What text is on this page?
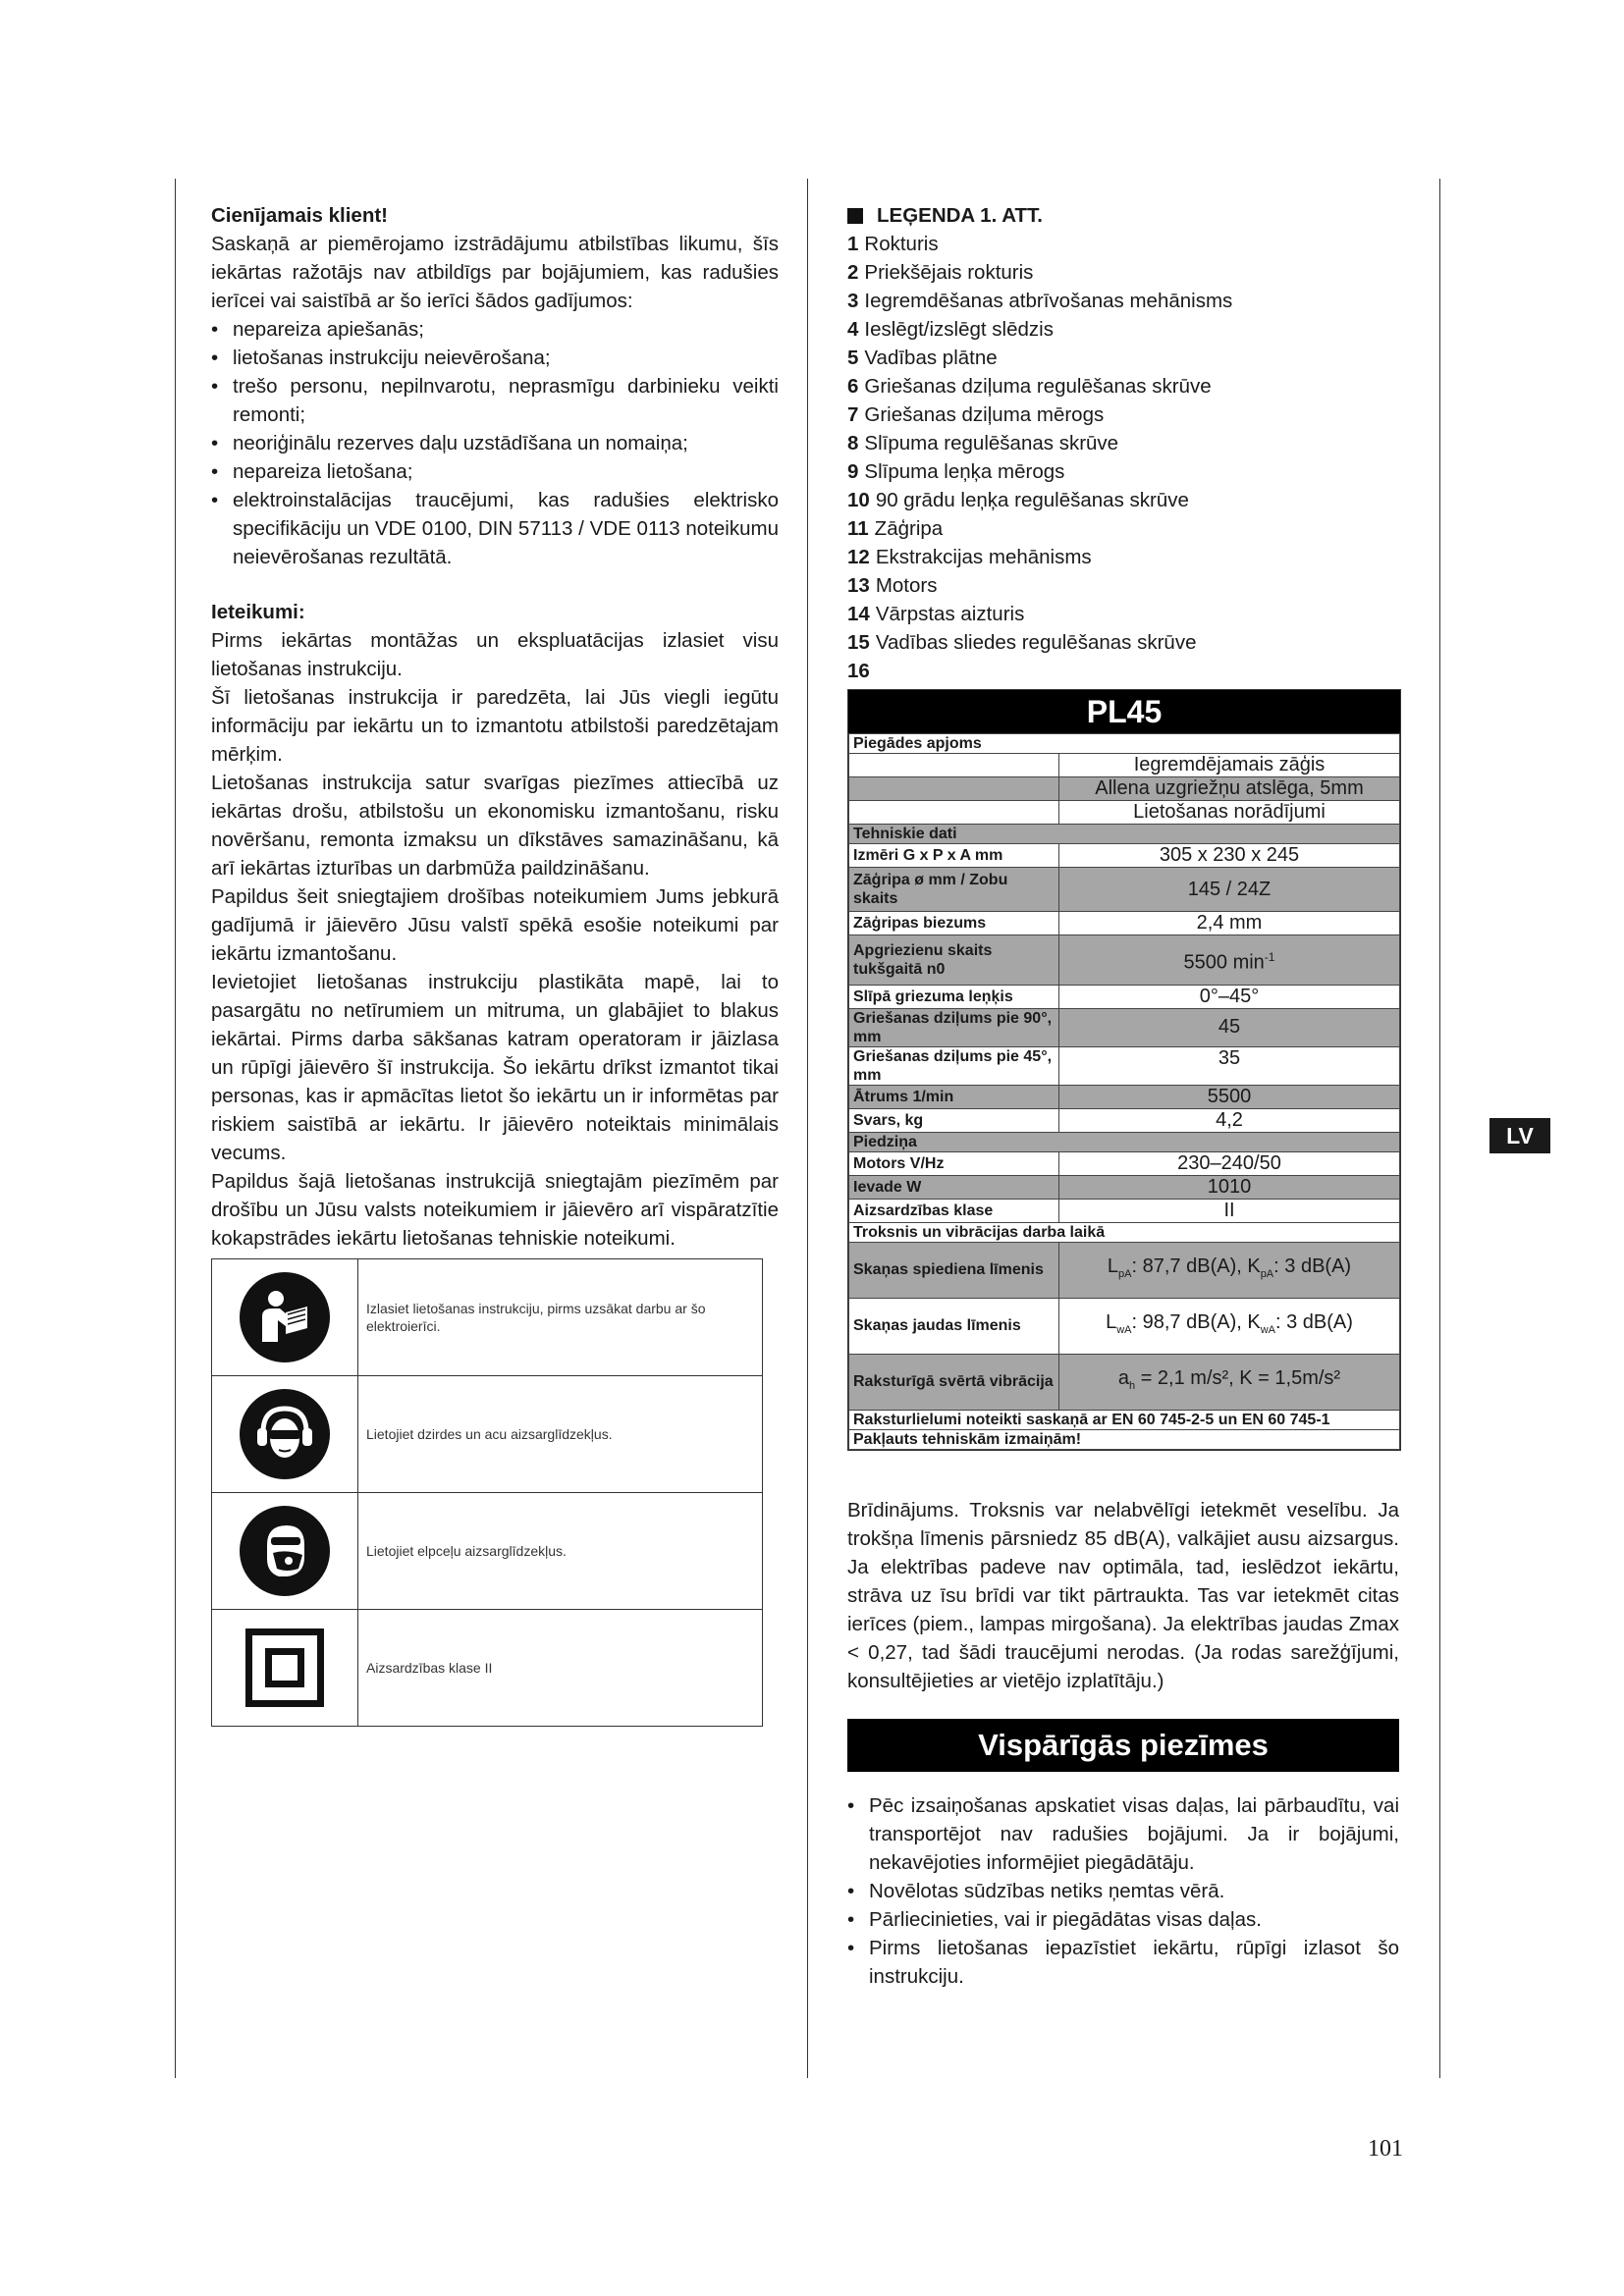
Cienījamais klient!

Saskaņā ar piemērojamo izstrādājumu atbilstības likumu, šīs iekārtas ražotājs nav atbildīgs par bojājumiem, kas radušies ierīcei vai saistībā ar šo ierīci šādos gadījumos:

• nepareiza apiešanās;
• lietošanas instrukciju neievērošana;
• trešo personu, nepilnvarotu, neprasmīgu darbinieku veikti remonti;
• neoriģinālu rezerves daļu uzstādīšana un nomaiņa;
• nepareiza lietošana;
• elektroinstalācijas traucējumi, kas radušies elektrisko specifikāciju un VDE 0100, DIN 57113 / VDE 0113 noteikumu neievērošanas rezultātā.

Ieteikumi:

Pirms iekārtas montāžas un ekspluatācijas izlasiet visu lietošanas instrukciju.

Šī lietošanas instrukcija ir paredzēta, lai Jūs viegli iegūtu informāciju par iekārtu un to izmantotu atbilstoši paredzētajam mērķim.

Lietošanas instrukcija satur svarīgas piezīmes attiecībā uz iekārtas drošu, atbilstošu un ekonomisku izmantošanu, risku novēršanu, remonta izmaksu un dīkstāves samazināšanu, kā arī iekārtas izturības un darbmūža paildzināšanu.

Papildus šeit sniegtajiem drošības noteikumiem Jums jebkurā gadījumā ir jāievēro Jūsu valstī spēkā esošie noteikumi par iekārtu izmantošanu.

Ievietojiet lietošanas instrukciju plastikāta mapē, lai to pasargātu no netīrumiem un mitruma, un glabājiet to blakus iekārtai. Pirms darba sākšanas katram operatoram ir jāizlasa un rūpīgi jāievēro šī instrukcija. Šo iekārtu drīkst izmantot tikai personas, kas ir apmācītas lietot šo iekārtu un ir informētas par riskiem saistībā ar iekārtu. Ir jāievēro noteiktais minimālais vecums.

Papildus šajā lietošanas instrukcijā sniegtajām piezīmēm par drošību un Jūsu valsts noteikumiem ir jāievēro arī vispāratzītie kokapstrādes iekārtu lietošanas tehniskie noteikumi.

	Izlasiet lietošanas instrukciju, pirms uzsākat darbu ar šo elektroierīci.

	Lietojiet dzirdes un acu aizsarglīdzekļus.

	Lietojiet elpceļu aizsarglīdzekļus.

	Aizsardzības klase II

LEĢENDA 1. ATT.

1 Rokturis
2 Priekšējais rokturis
3 Iegremdēšanas atbrīvošanas mehānisms
4 Ieslēgt/izslēgt slēdzis
5 Vadības plātne
6 Griešanas dziļuma regulēšanas skrūve
7 Griešanas dziļuma mērogs
8 Slīpuma regulēšanas skrūve
9 Slīpuma leņķa mērogs
10 90 grādu leņķa regulēšanas skrūve
11 Zāģripa
12 Ekstrakcijas mehānisms
13 Motors
14 Vārpstas aizturis
15 Vadības sliedes regulēšanas skrūve
16
PL45
Piegādes apjoms	
	Iegremdējamais zāģis
	Allena uzgriežņu atslēga, 5mm
	Lietošanas norādījumi
Tehniskie dati	
Izmēri G x P x A mm	305 x 230 x 245
Zāģripa ø mm / Zobu skaits	145 / 24Z
Zāģripas biezums	2,4 mm
Apgriezienu skaits tukšgaitā n0	5500 $\min^{-1}$
Slīpā griezuma leņķis	0°–45°
Griešanas dziļums pie 90°, mm	45
Griešanas dziļums pie 45°, mm	35
Ātrums 1/min	5500
Svars, kg	4,2
Piedziņa	
Motors V/Hz	230–240/50
Ievade W	1010
Aizsardzības klase	II
Troksnis un vibrācijas darba laikā	
Skaņas spiediena līmenis	$L_{pA}$: 87,7 dB(A), $K_{pA}$: 3 dB(A)
Skaņas jaudas līmenis	$L_{wA}$: 98,7 dB(A), $K_{wA}$: 3 dB(A)
Raksturīgā svērtā vibrācija	$a_h = 2,1$ m/s², K = 1,5m/s²
Raksturlielumi noteikti saskaņā ar EN 60 745-2-5 un EN 60 745-1	
Pakļauts tehniskām izmaiņām!	

Brīdinājums. Troksnis var nelabvēlīgi ietekmēt veselību. Ja trokšņa līmenis pārsniedz 85 dB(A), valkājiet ausu aizsargus. Ja elektrības padeve nav optimāla, tad, ieslēdzot iekārtu, strāva uz īsu brīdi var tikt pārtraukta. Tas var ietekmēt citas ierīces (piem., lampas mirgošana). Ja elektrības jaudas Zmax < 0,27, tad šādi traucējumi nerodas. (Ja rodas sarežģījumi, konsultējieties ar vietējo izplatītāju.)

Vispārīgās piezīmes
• Pēc izsaiņošanas apskatiet visas daļas, lai pārbaudītu, vai transportējot nav radušies bojājumi. Ja ir bojājumi, nekavējoties informējiet piegādātāju.
• Novēlotas sūdzības netiks ņemtas vērā.
• Pārliecinieties, vai ir piegādātas visas daļas.
• Pirms lietošanas iepazīstiet iekārtu, rūpīgi izlasot šo instrukciju.
LV
101
